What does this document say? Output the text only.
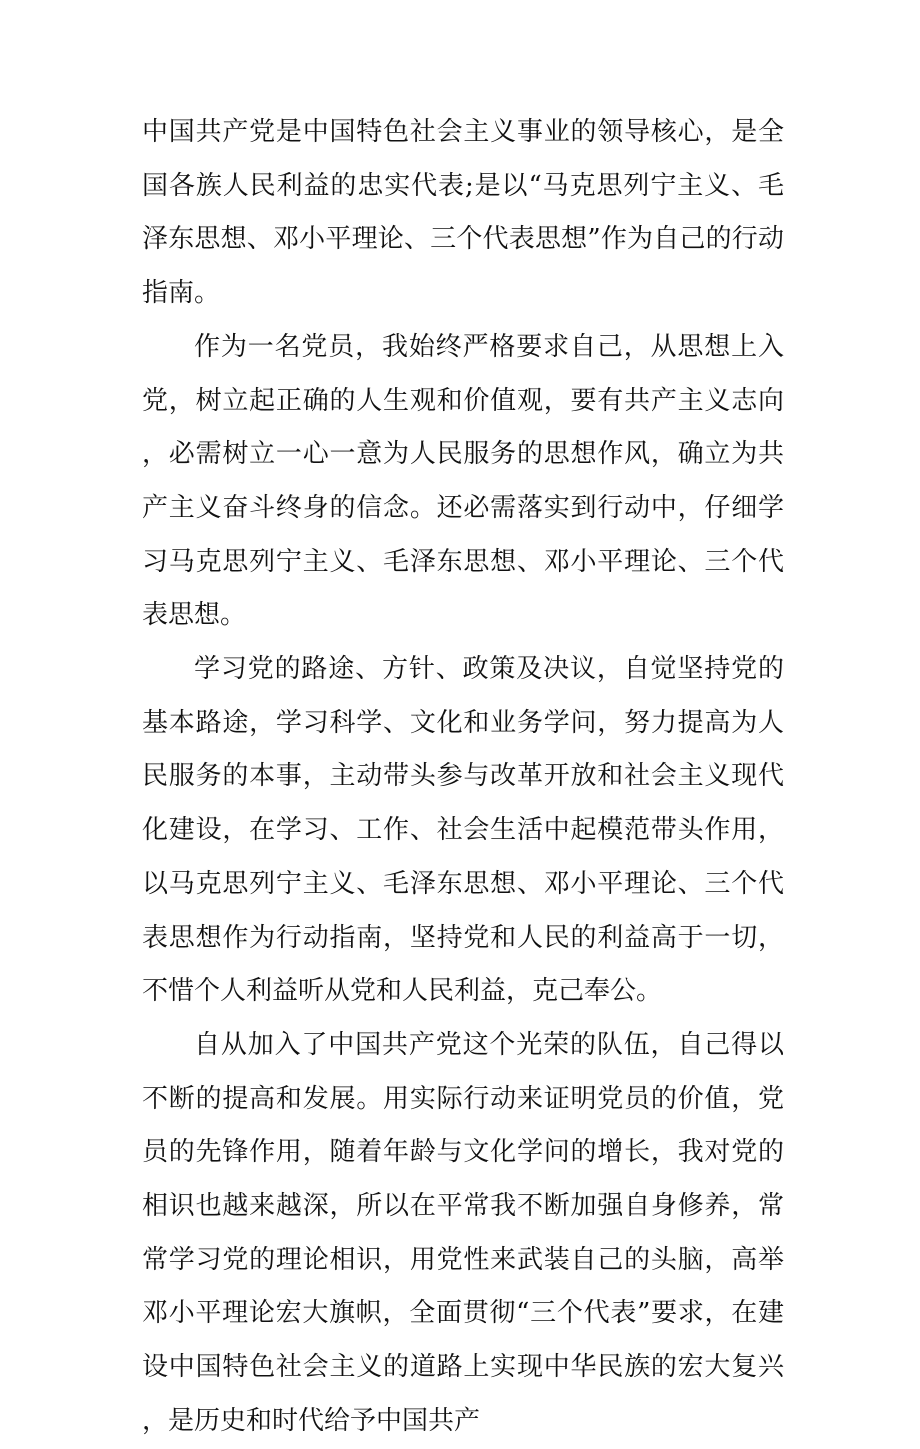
中国共产党是中国特色社会主义事业的领导核心，是全国各族人民利益的忠实代表;是以“马克思列宁主义、毛泽东思想、邓小平理论、三个代表思想”作为自己的行动指南。

作为一名党员，我始终严格要求自己，从思想上入党，树立起正确的人生观和价值观，要有共产主义志向，必需树立一心一意为人民服务的思想作风，确立为共产主义奋斗终身的信念。还必需落实到行动中，仔细学习马克思列宁主义、毛泽东思想、邓小平理论、三个代表思想。

学习党的路途、方针、政策及决议，自觉坚持党的基本路途，学习科学、文化和业务学问，努力提高为人民服务的本事，主动带头参与改革开放和社会主义现代化建设，在学习、工作、社会生活中起模范带头作用，以马克思列宁主义、毛泽东思想、邓小平理论、三个代表思想作为行动指南，坚持党和人民的利益高于一切，不惜个人利益听从党和人民利益，克己奉公。

自从加入了中国共产党这个光荣的队伍，自己得以不断的提高和发展。用实际行动来证明党员的价值，党员的先锋作用，随着年龄与文化学问的增长，我对党的相识也越来越深，所以在平常我不断加强自身修养，常常学习党的理论相识，用党性来武装自己的头脑，高举邓小平理论宏大旗帜，全面贯彻“三个代表”要求，在建设中国特色社会主义的道路上实现中华民族的宏大复兴，是历史和时代给予中国共产
